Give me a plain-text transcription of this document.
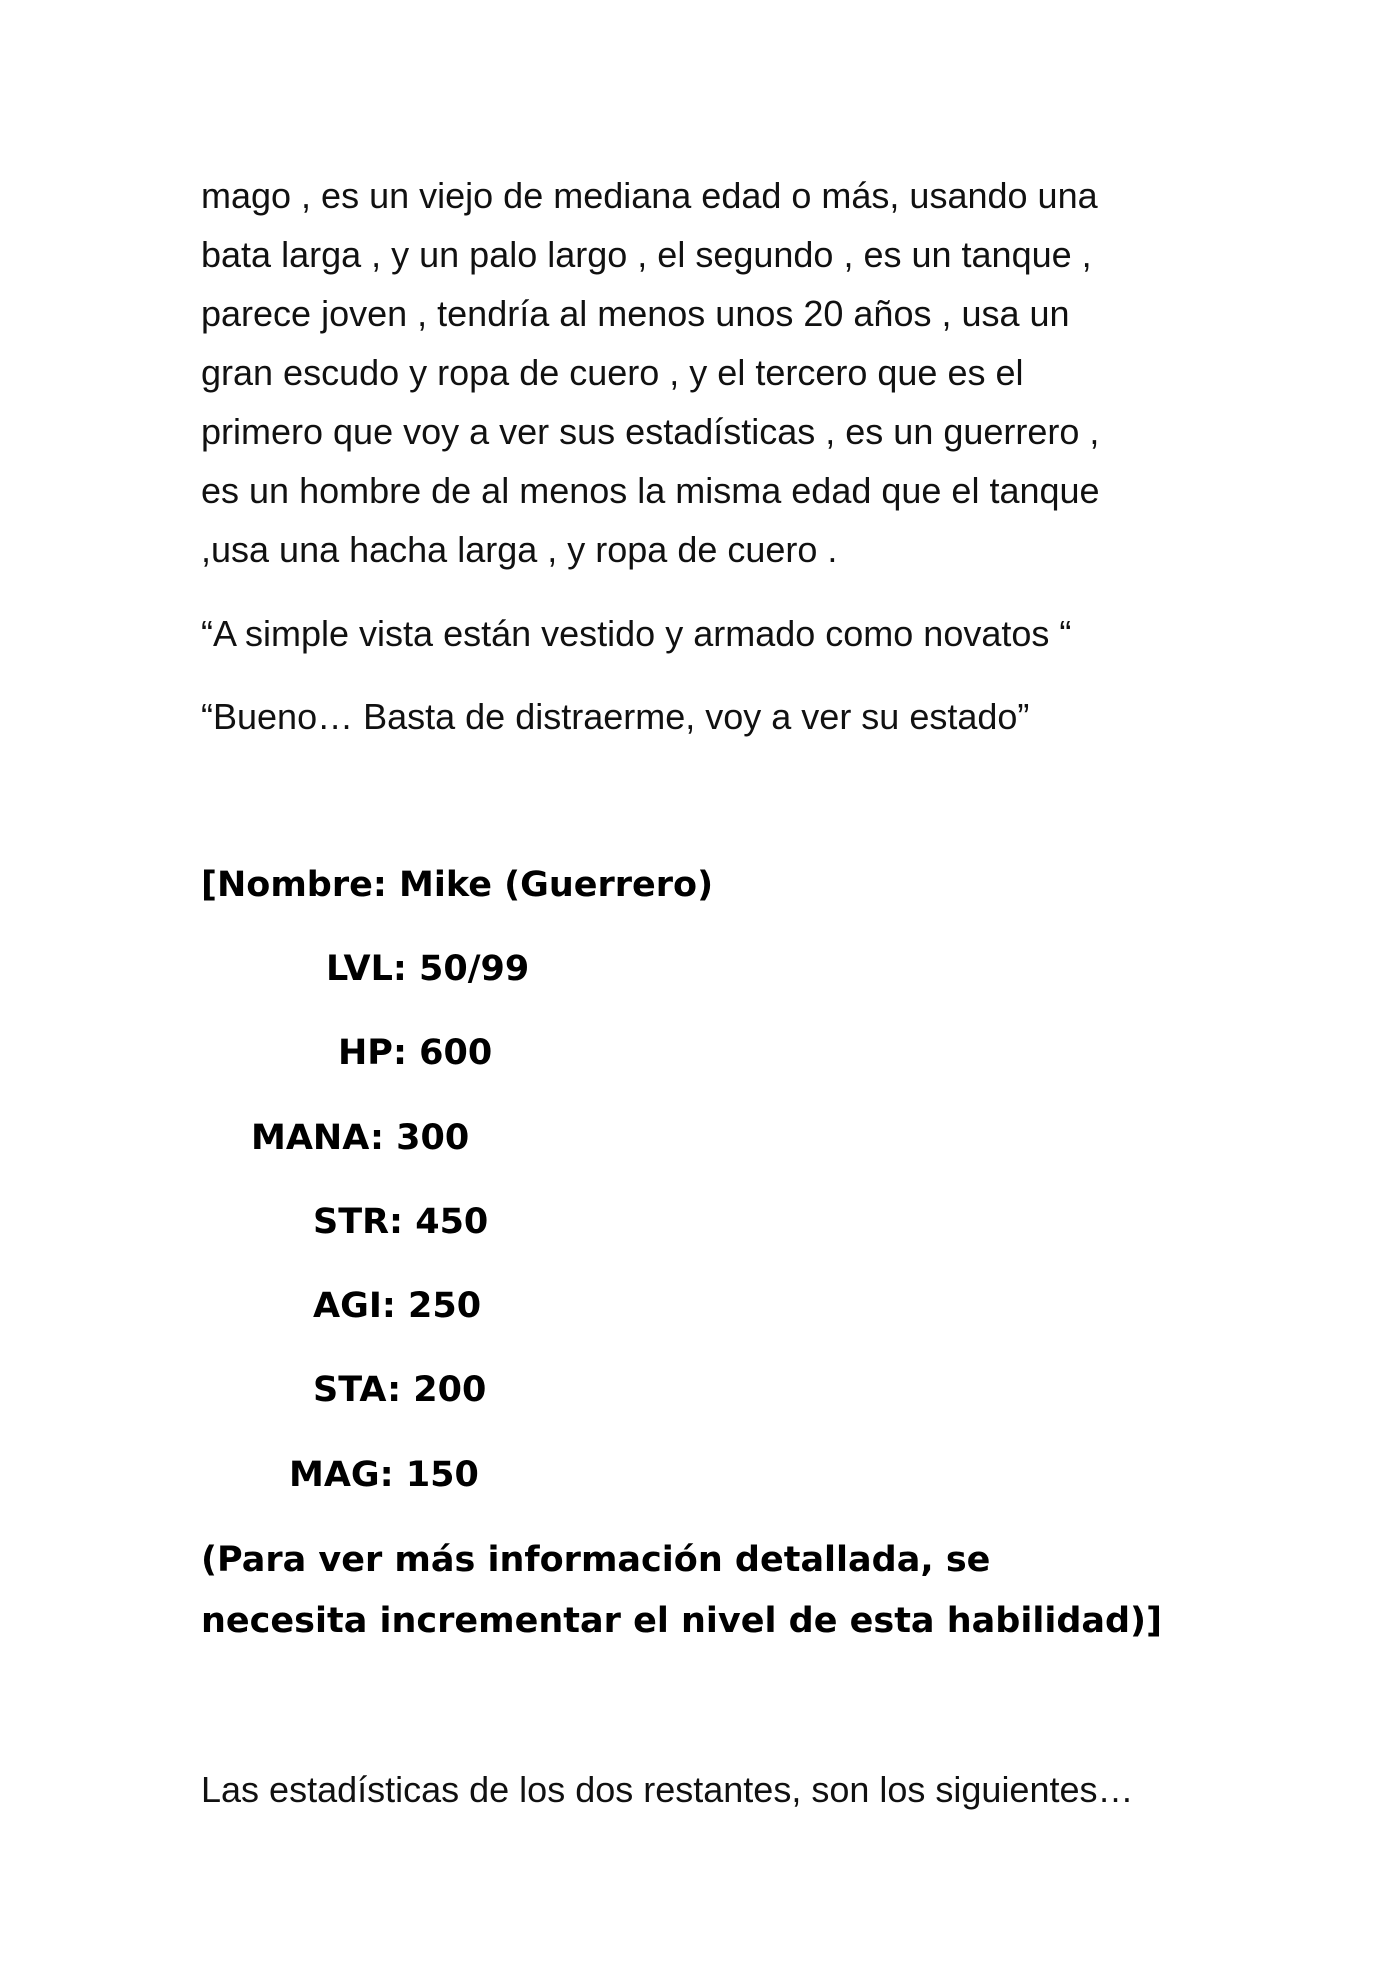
mago , es un viejo de mediana edad o más, usando una
bata larga , y un palo largo , el segundo , es un tanque ,
parece joven , tendría al menos unos 20 años , usa un
gran escudo y ropa de cuero , y el tercero que es el
primero que voy a ver sus estadísticas , es un guerrero ,
es un hombre de al menos la misma edad que el tanque
,usa una hacha larga , y ropa de cuero .

“A simple vista están vestido y armado como novatos “

“Bueno… Basta de distraerme, voy a ver su estado”

[Nombre: Mike (Guerrero)

LVL: 50/99

HP: 600

MANA: 300

STR: 450

AGI: 250

STA: 200

MAG: 150

(Para ver más información detallada, se
necesita incrementar el nivel de esta habilidad)]

Las estadísticas de los dos restantes, son los siguientes…
